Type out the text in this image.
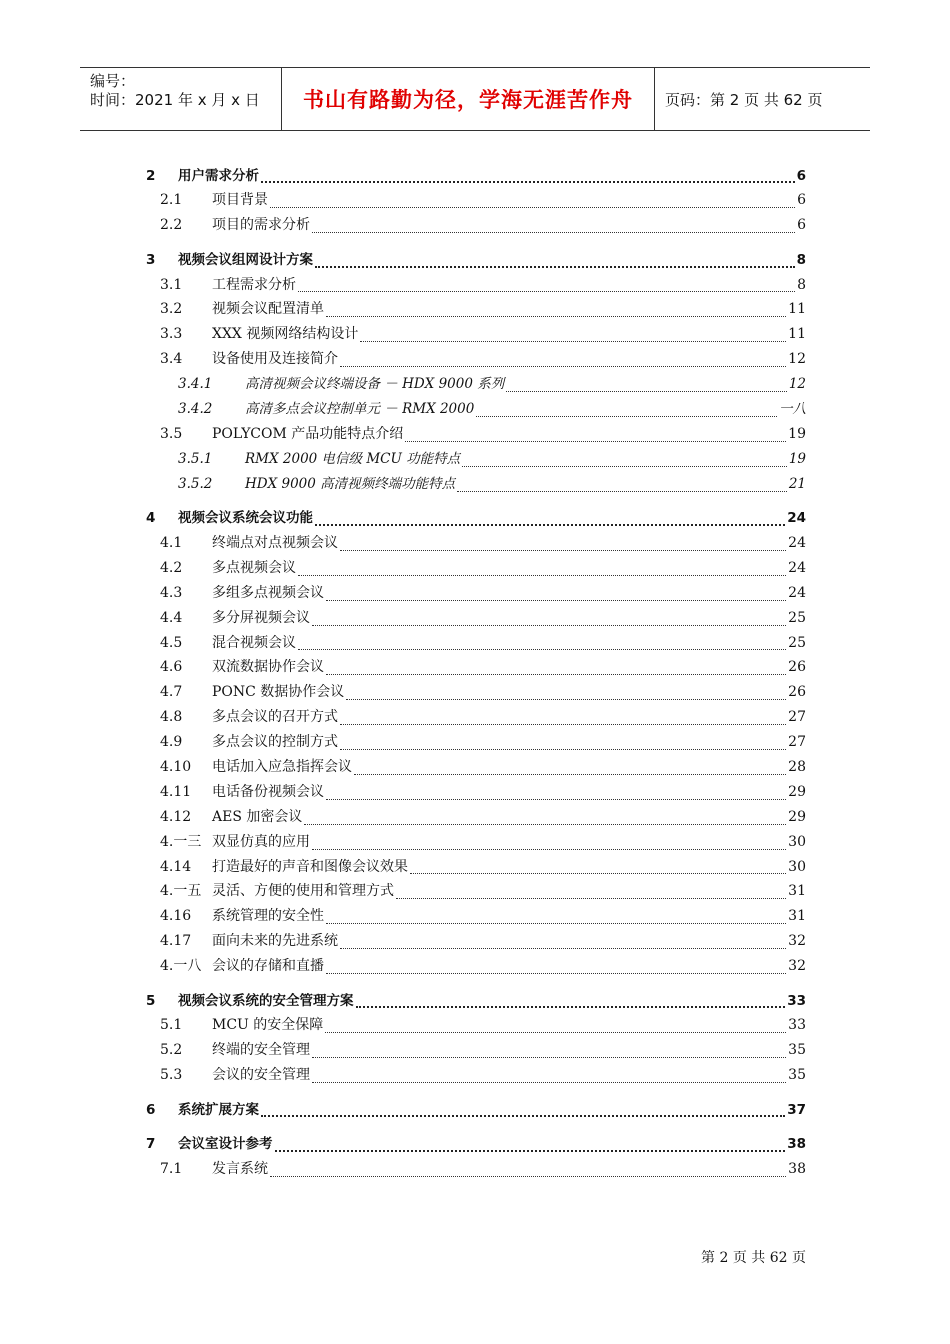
编号：
时间：2021 年 x 月 x 日	书山有路勤为径，学海无涯苦作舟	页码：第 2 页 共 62 页
2	用户需求分析	6
2.1	项目背景	6
2.2	项目的需求分析	6
3	视频会议组网设计方案	8
3.1	工程需求分析	8
3.2	视频会议配置清单	11
3.3	XXX 视频网络结构设计	11
3.4	设备使用及连接简介	12
3.4.1	高清视频会议终端设备 － HDX 9000 系列	12
3.4.2	高清多点会议控制单元 － RMX 2000	一八
3.5	POLYCOM 产品功能特点介绍	19
3.5.1	RMX 2000 电信级 MCU 功能特点	19
3.5.2	HDX 9000 高清视频终端功能特点	21
4	视频会议系统会议功能	24
4.1	终端点对点视频会议	24
4.2	多点视频会议	24
4.3	多组多点视频会议	24
4.4	多分屏视频会议	25
4.5	混合视频会议	25
4.6	双流数据协作会议	26
4.7	PONC 数据协作会议	26
4.8	多点会议的召开方式	27
4.9	多点会议的控制方式	27
4.10	电话加入应急指挥会议	28
4.11	电话备份视频会议	29
4.12	AES 加密会议	29
4.一三 双显仿真的应用	30
4.14	打造最好的声音和图像会议效果	30
4.一五 灵活、方便的使用和管理方式	31
4.16	系统管理的安全性	31
4.17	面向未来的先进系统	32
4.一八 会议的存储和直播	32
5	视频会议系统的安全管理方案	33
5.1	MCU 的安全保障	33
5.2	终端的安全管理	35
5.3	会议的安全管理	35
6	系统扩展方案	37
7	会议室设计参考	38
7.1	发言系统	38
第 2 页 共 62 页
